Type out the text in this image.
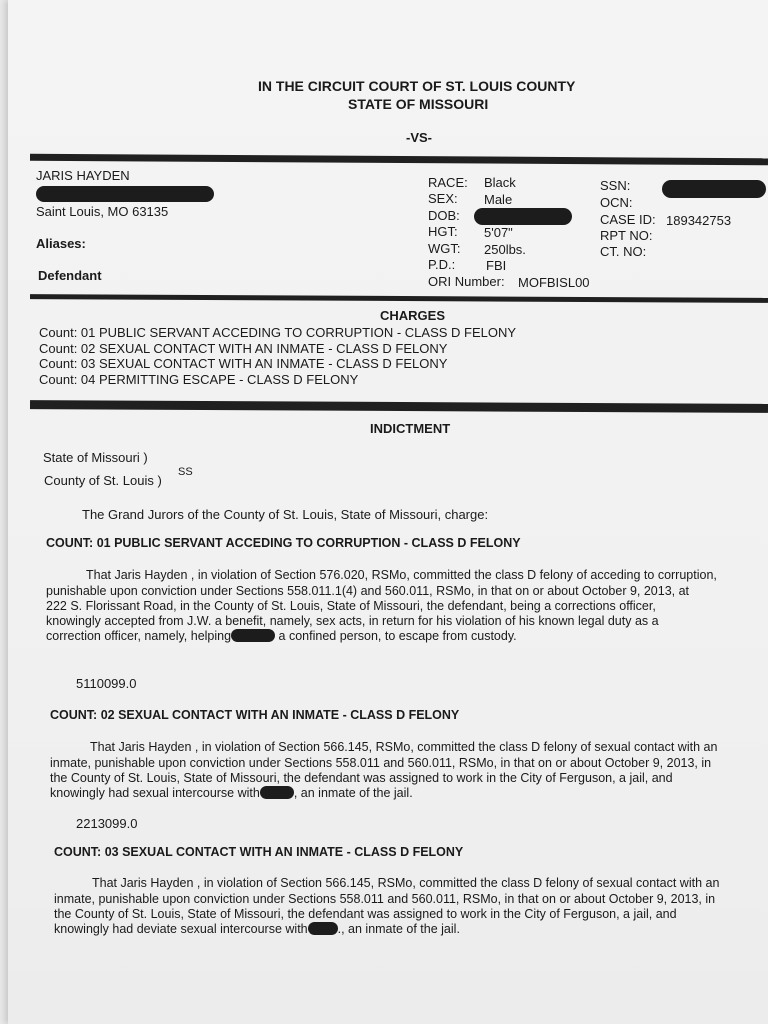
IN THE CIRCUIT COURT OF ST. LOUIS COUNTY
STATE OF MISSOURI
-VS-
JARIS HAYDEN
Saint Louis, MO 63135
Aliases:
Defendant
RACE: Black
SEX: Male
DOB:
HGT: 5'07"
WGT: 250lbs.
P.D.: FBI
ORI Number: MOFBISL00
SSN:
OCN:
CASE ID: 189342753
RPT NO:
CT. NO:
CHARGES
Count: 01 PUBLIC SERVANT ACCEDING TO CORRUPTION - CLASS D FELONY
Count: 02 SEXUAL CONTACT WITH AN INMATE - CLASS D FELONY
Count: 03 SEXUAL CONTACT WITH AN INMATE - CLASS D FELONY
Count: 04 PERMITTING ESCAPE - CLASS D FELONY
INDICTMENT
State of Missouri )
County of St. Louis )
SS
The Grand Jurors of the County of St. Louis, State of Missouri, charge:
COUNT: 01 PUBLIC SERVANT ACCEDING TO CORRUPTION - CLASS D FELONY
That Jaris Hayden , in violation of Section 576.020, RSMo, committed the class D felony of acceding to corruption,
punishable upon conviction under Sections 558.011.1(4) and 560.011, RSMo, in that on or about October 9, 2013, at
222 S. Florissant Road, in the County of St. Louis, State of Missouri, the defendant, being a corrections officer,
knowingly accepted from J.W. a benefit, namely, sex acts, in return for his violation of his known legal duty as a
correction officer, namely, helping	a confined person, to escape from custody.
5110099.0
COUNT: 02 SEXUAL CONTACT WITH AN INMATE - CLASS D FELONY
That Jaris Hayden , in violation of Section 566.145, RSMo, committed the class D felony of sexual contact with an
inmate, punishable upon conviction under Sections 558.011 and 560.011, RSMo, in that on or about October 9, 2013, in
the County of St. Louis, State of Missouri, the defendant was assigned to work in the City of Ferguson, a jail, and
knowingly had sexual intercourse with	, an inmate of the jail.
2213099.0
COUNT: 03 SEXUAL CONTACT WITH AN INMATE - CLASS D FELONY
That Jaris Hayden , in violation of Section 566.145, RSMo, committed the class D felony of sexual contact with an
inmate, punishable upon conviction under Sections 558.011 and 560.011, RSMo, in that on or about October 9, 2013, in
the County of St. Louis, State of Missouri, the defendant was assigned to work in the City of Ferguson, a jail, and
knowingly had deviate sexual intercourse with ., an inmate of the jail.
